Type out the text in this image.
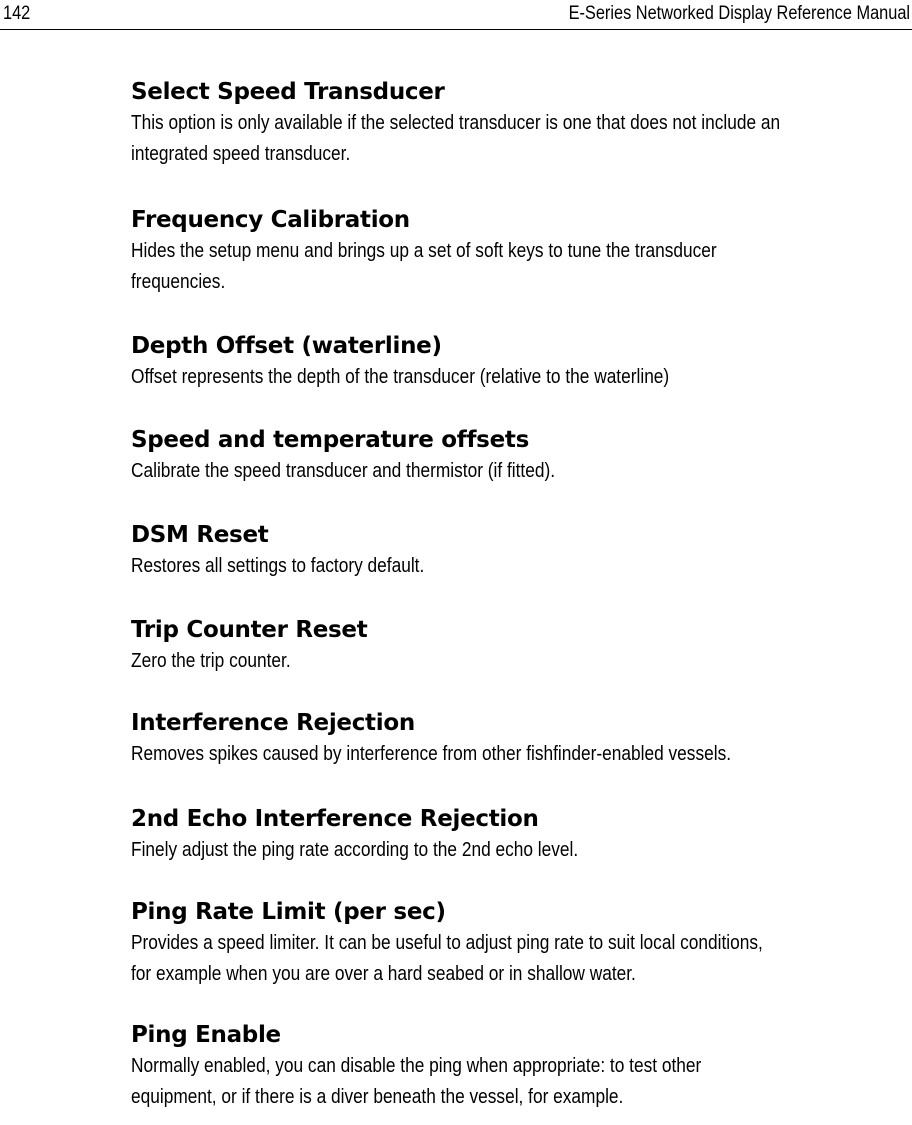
142	E-Series Networked Display Reference Manual
Select Speed Transducer

This option is only available if the selected transducer is one that does not include an
integrated speed transducer.

Frequency Calibration

Hides the setup menu and brings up a set of soft keys to tune the transducer
frequencies.

Depth Offset (waterline)

Offset represents the depth of the transducer (relative to the waterline)

Speed and temperature offsets

Calibrate the speed transducer and thermistor (if fitted).

DSM Reset

Restores all settings to factory default.

Trip Counter Reset

Zero the trip counter.

Interference Rejection

Removes spikes caused by interference from other fishfinder-enabled vessels.

2nd Echo Interference Rejection

Finely adjust the ping rate according to the 2nd echo level.

Ping Rate Limit (per sec)

Provides a speed limiter. It can be useful to adjust ping rate to suit local conditions,
for example when you are over a hard seabed or in shallow water.

Ping Enable

Normally enabled, you can disable the ping when appropriate: to test other
equipment, or if there is a diver beneath the vessel, for example.
